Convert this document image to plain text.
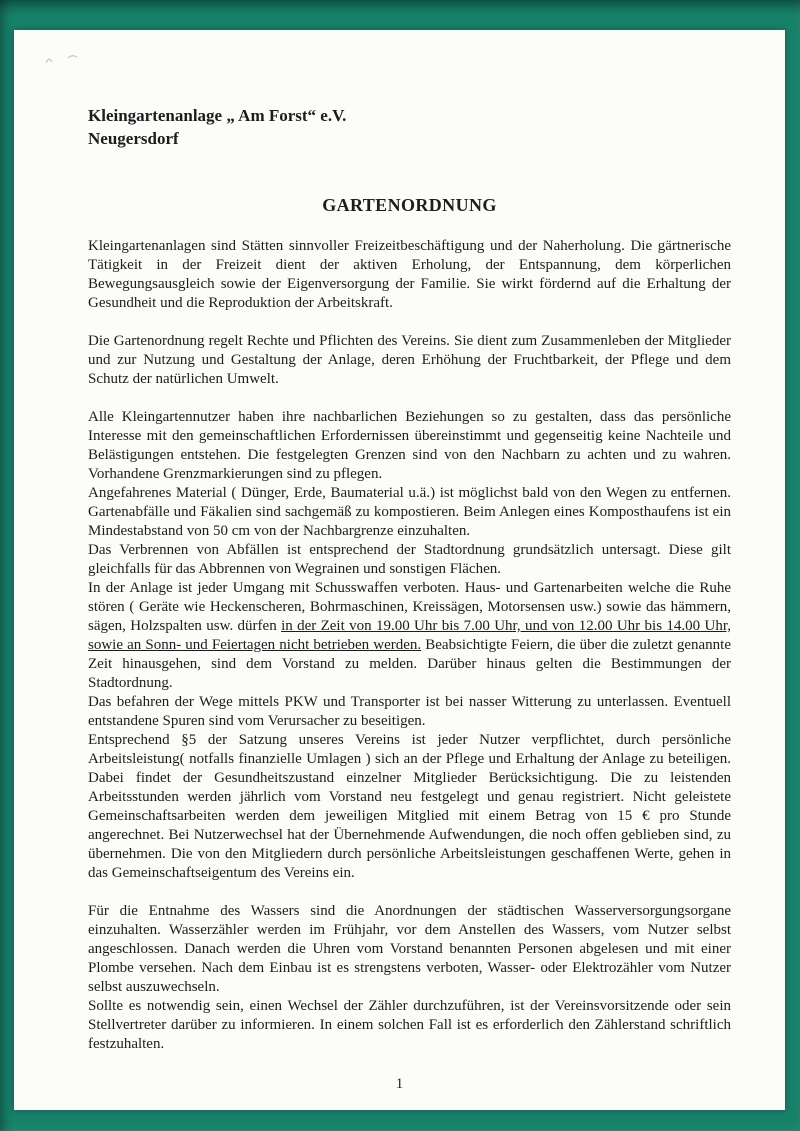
Kleingartenanlage „ Am Forst“ e.V.
Neugersdorf
GARTENORDNUNG

Kleingartenanlagen sind Stätten sinnvoller Freizeitbeschäftigung und der Naherholung. Die gärtnerische Tätigkeit in der Freizeit dient der aktiven Erholung, der Entspannung, dem körperlichen Bewegungsausgleich sowie der Eigenversorgung der Familie. Sie wirkt fördernd auf die Erhaltung der Gesundheit und die Reproduktion der Arbeitskraft.

Die Gartenordnung regelt Rechte und Pflichten des Vereins. Sie dient zum Zusammenleben der Mitglieder und zur Nutzung und Gestaltung der Anlage, deren Erhöhung der Fruchtbarkeit, der Pflege und dem Schutz der natürlichen Umwelt.

Alle Kleingartennutzer haben ihre nachbarlichen Beziehungen so zu gestalten, dass das persönliche Interesse mit den gemeinschaftlichen Erfordernissen übereinstimmt und gegenseitig keine Nachteile und Belästigungen entstehen. Die festgelegten Grenzen sind von den Nachbarn zu achten und zu wahren. Vorhandene Grenzmarkierungen sind zu pflegen.

Angefahrenes Material ( Dünger, Erde, Baumaterial u.ä.) ist möglichst bald von den Wegen zu entfernen. Gartenabfälle und Fäkalien sind sachgemäß zu kompostieren. Beim Anlegen eines Komposthaufens ist ein Mindestabstand von 50 cm von der Nachbargrenze einzuhalten.

Das Verbrennen von Abfällen ist entsprechend der Stadtordnung grundsätzlich untersagt. Diese gilt gleichfalls für das Abbrennen von Wegrainen und sonstigen Flächen.

In der Anlage ist jeder Umgang mit Schusswaffen verboten. Haus- und Gartenarbeiten welche die Ruhe stören ( Geräte wie Heckenscheren, Bohrmaschinen, Kreissägen, Motorsensen usw.) sowie das hämmern, sägen, Holzspalten usw. dürfen in der Zeit von 19.00 Uhr bis 7.00 Uhr, und von 12.00 Uhr bis 14.00 Uhr, sowie an Sonn- und Feiertagen nicht betrieben werden. Beabsichtigte Feiern, die über die zuletzt genannte Zeit hinausgehen, sind dem Vorstand zu melden. Darüber hinaus gelten die Bestimmungen der Stadtordnung.

Das befahren der Wege mittels PKW und Transporter ist bei nasser Witterung zu unterlassen. Eventuell entstandene Spuren sind vom Verursacher zu beseitigen.

Entsprechend §5 der Satzung unseres Vereins ist jeder Nutzer verpflichtet, durch persönliche Arbeitsleistung( notfalls finanzielle Umlagen ) sich an der Pflege und Erhaltung der Anlage zu beteiligen. Dabei findet der Gesundheitszustand einzelner Mitglieder Berücksichtigung. Die zu leistenden Arbeitsstunden werden jährlich vom Vorstand neu festgelegt und genau registriert. Nicht geleistete Gemeinschaftsarbeiten werden dem jeweiligen Mitglied mit einem Betrag von 15 € pro Stunde angerechnet. Bei Nutzerwechsel hat der Übernehmende Aufwendungen, die noch offen geblieben sind, zu übernehmen. Die von den Mitgliedern durch persönliche Arbeitsleistungen geschaffenen Werte, gehen in das Gemeinschaftseigentum des Vereins ein.

Für die Entnahme des Wassers sind die Anordnungen der städtischen Wasserversorgungsorgane einzuhalten. Wasserzähler werden im Frühjahr, vor dem Anstellen des Wassers, vom Nutzer selbst angeschlossen. Danach werden die Uhren vom Vorstand benannten Personen abgelesen und mit einer Plombe versehen. Nach dem Einbau ist es strengstens verboten, Wasser- oder Elektrozähler vom Nutzer selbst auszuwechseln.

Sollte es notwendig sein, einen Wechsel der Zähler durchzuführen, ist der Vereinsvorsitzende oder sein Stellvertreter darüber zu informieren. In einem solchen Fall ist es erforderlich den Zählerstand schriftlich festzuhalten.

1
